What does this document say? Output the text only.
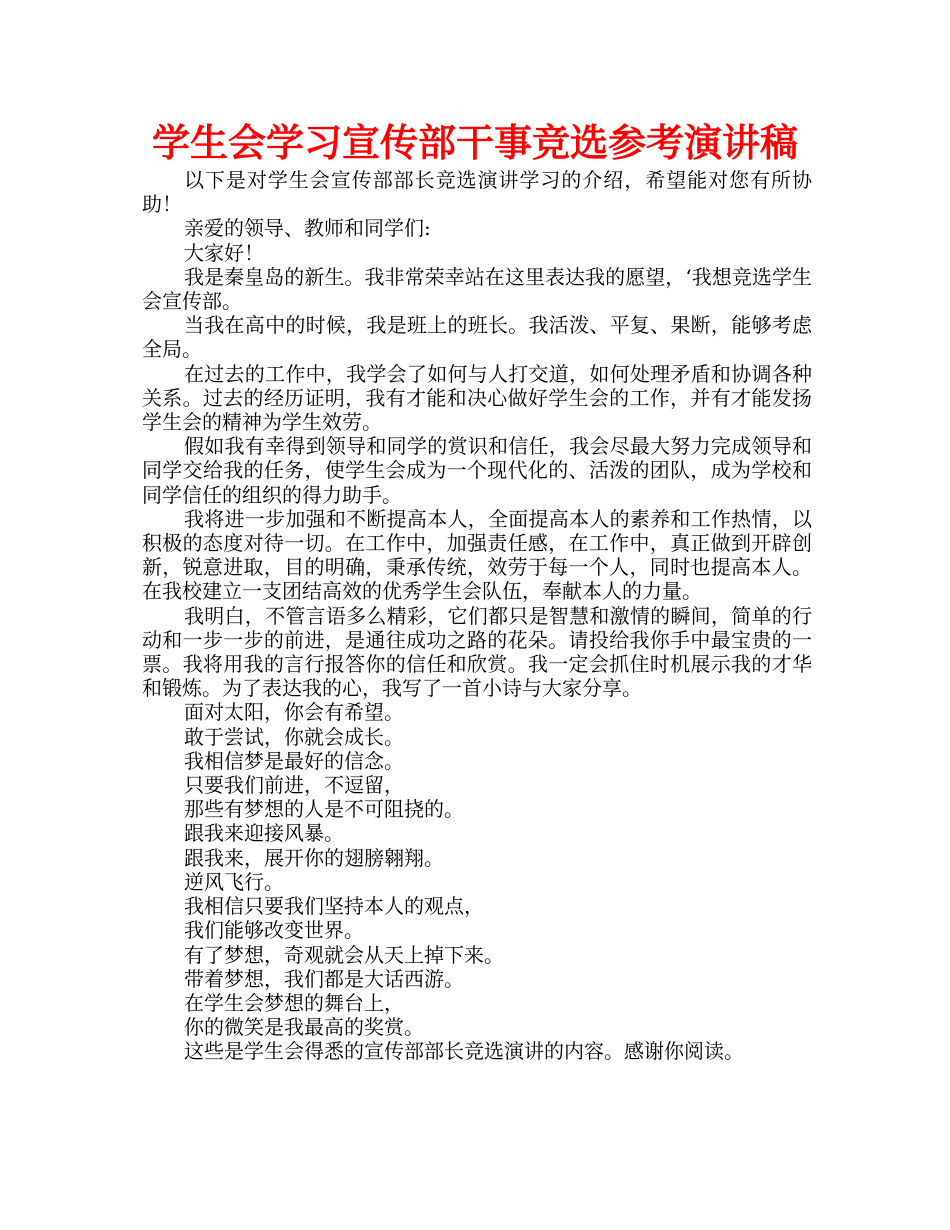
学生会学习宣传部干事竞选参考演讲稿

以下是对学生会宣传部部长竞选演讲学习的介绍，希望能对您有所协助！

亲爱的领导、教师和同学们:

大家好！

我是秦皇岛的新生。我非常荣幸站在这里表达我的愿望，‘我想竞选学生会宣传部。

当我在高中的时候，我是班上的班长。我活泼、平复、果断，能够考虑全局。

在过去的工作中，我学会了如何与人打交道，如何处理矛盾和协调各种关系。过去的经历证明，我有才能和决心做好学生会的工作，并有才能发扬学生会的精神为学生效劳。

假如我有幸得到领导和同学的赏识和信任，我会尽最大努力完成领导和同学交给我的任务，使学生会成为一个现代化的、活泼的团队，成为学校和同学信任的组织的得力助手。

我将进一步加强和不断提高本人，全面提高本人的素养和工作热情，以积极的态度对待一切。在工作中，加强责任感，在工作中，真正做到开辟创新，锐意进取，目的明确，秉承传统，效劳于每一个人，同时也提高本人。在我校建立一支团结高效的优秀学生会队伍，奉献本人的力量。

我明白，不管言语多么精彩，它们都只是智慧和激情的瞬间，简单的行动和一步一步的前进，是通往成功之路的花朵。请投给我你手中最宝贵的一票。我将用我的言行报答你的信任和欣赏。我一定会抓住时机展示我的才华和锻炼。为了表达我的心，我写了一首小诗与大家分享。

面对太阳，你会有希望。

敢于尝试，你就会成长。

我相信梦是最好的信念。

只要我们前进，不逗留，

那些有梦想的人是不可阻挠的。

跟我来迎接风暴。

跟我来，展开你的翅膀翱翔。

逆风飞行。

我相信只要我们坚持本人的观点，

我们能够改变世界。

有了梦想，奇观就会从天上掉下来。

带着梦想，我们都是大话西游。

在学生会梦想的舞台上，

你的微笑是我最高的奖赏。

这些是学生会得悉的宣传部部长竞选演讲的内容。感谢你阅读。
